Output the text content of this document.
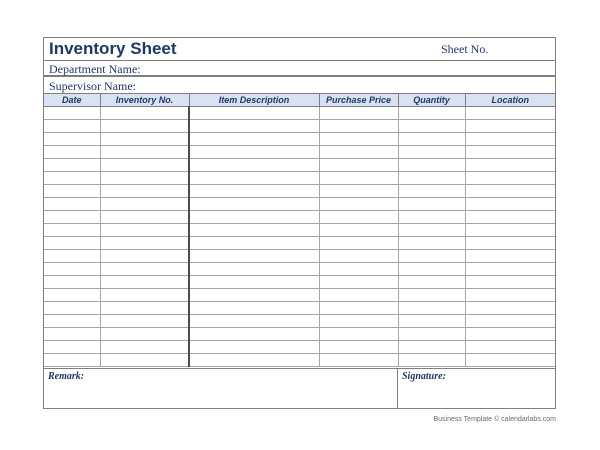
Inventory Sheet	Sheet No.
Department Name:
Supervisor Name:
Date	Inventory No.	Item Description	Purchase Price	Quantity	Location

Remark:	Signature:
Business Template © calendarlabs.com
